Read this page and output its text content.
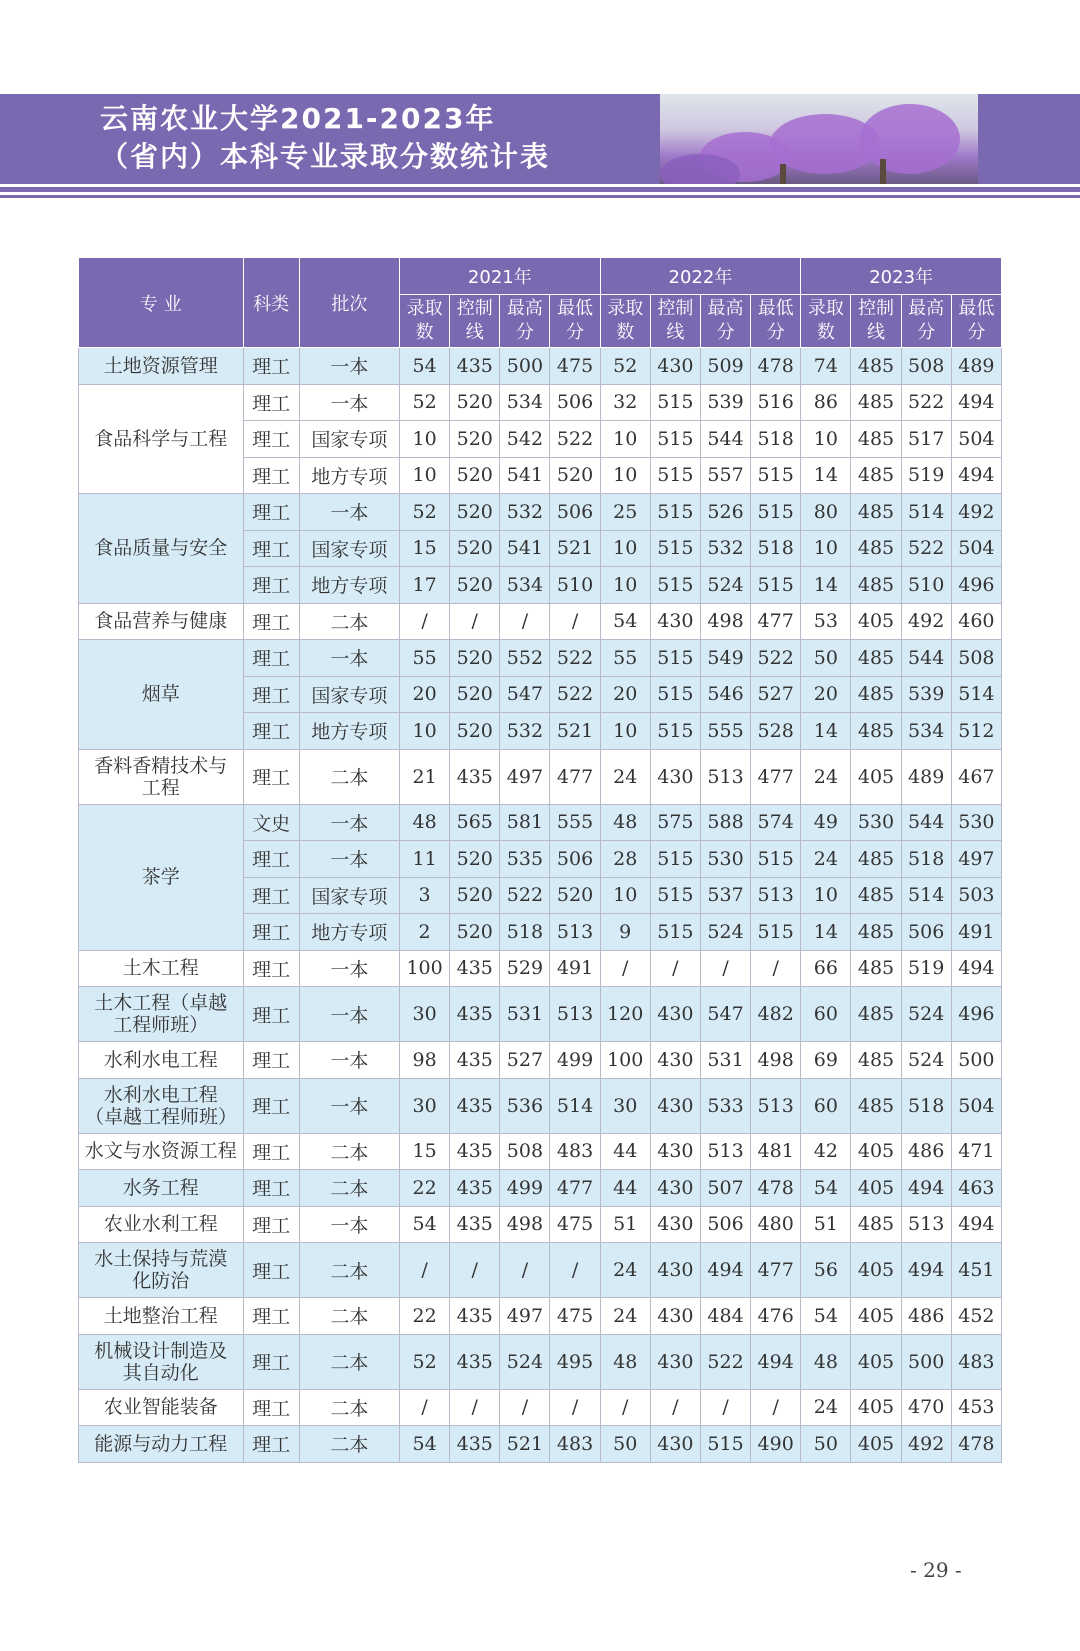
云南农业大学2021-2023年
（省内）本科专业录取分数统计表
专 业	科类	批次	2021年				2022年				2023年			
			录取数	控制线	最高分	最低分	录取数	控制线	最高分	最低分	录取数	控制线	最高分	最低分
土地资源管理	理工	一本	54	435	500	475	52	430	509	478	74	485	508	489
食品科学与工程	理工	一本	52	520	534	506	32	515	539	516	86	485	522	494
	理工	国家专项	10	520	542	522	10	515	544	518	10	485	517	504
	理工	地方专项	10	520	541	520	10	515	557	515	14	485	519	494
食品质量与安全	理工	一本	52	520	532	506	25	515	526	515	80	485	514	492
	理工	国家专项	15	520	541	521	10	515	532	518	10	485	522	504
	理工	地方专项	17	520	534	510	10	515	524	515	14	485	510	496
食品营养与健康	理工	二本	/	/	/	/	54	430	498	477	53	405	492	460
烟草	理工	一本	55	520	552	522	55	515	549	522	50	485	544	508
	理工	国家专项	20	520	547	522	20	515	546	527	20	485	539	514
	理工	地方专项	10	520	532	521	10	515	555	528	14	485	534	512
香料香精技术与工程	理工	二本	21	435	497	477	24	430	513	477	24	405	489	467
茶学	文史	一本	48	565	581	555	48	575	588	574	49	530	544	530
	理工	一本	11	520	535	506	28	515	530	515	24	485	518	497
	理工	国家专项	3	520	522	520	10	515	537	513	10	485	514	503
	理工	地方专项	2	520	518	513	9	515	524	515	14	485	506	491
土木工程	理工	一本	100	435	529	491	/	/	/	/	66	485	519	494
土木工程（卓越工程师班）	理工	一本	30	435	531	513	120	430	547	482	60	485	524	496
水利水电工程	理工	一本	98	435	527	499	100	430	531	498	69	485	524	500
水利水电工程（卓越工程师班）	理工	一本	30	435	536	514	30	430	533	513	60	485	518	504
水文与水资源工程	理工	二本	15	435	508	483	44	430	513	481	42	405	486	471
水务工程	理工	二本	22	435	499	477	44	430	507	478	54	405	494	463
农业水利工程	理工	一本	54	435	498	475	51	430	506	480	51	485	513	494
水土保持与荒漠化防治	理工	二本	/	/	/	/	24	430	494	477	56	405	494	451
土地整治工程	理工	二本	22	435	497	475	24	430	484	476	54	405	486	452
机械设计制造及其自动化	理工	二本	52	435	524	495	48	430	522	494	48	405	500	483
农业智能装备	理工	二本	/	/	/	/	/	/	/	/	24	405	470	453
能源与动力工程	理工	二本	54	435	521	483	50	430	515	490	50	405	492	478
- 29 -
